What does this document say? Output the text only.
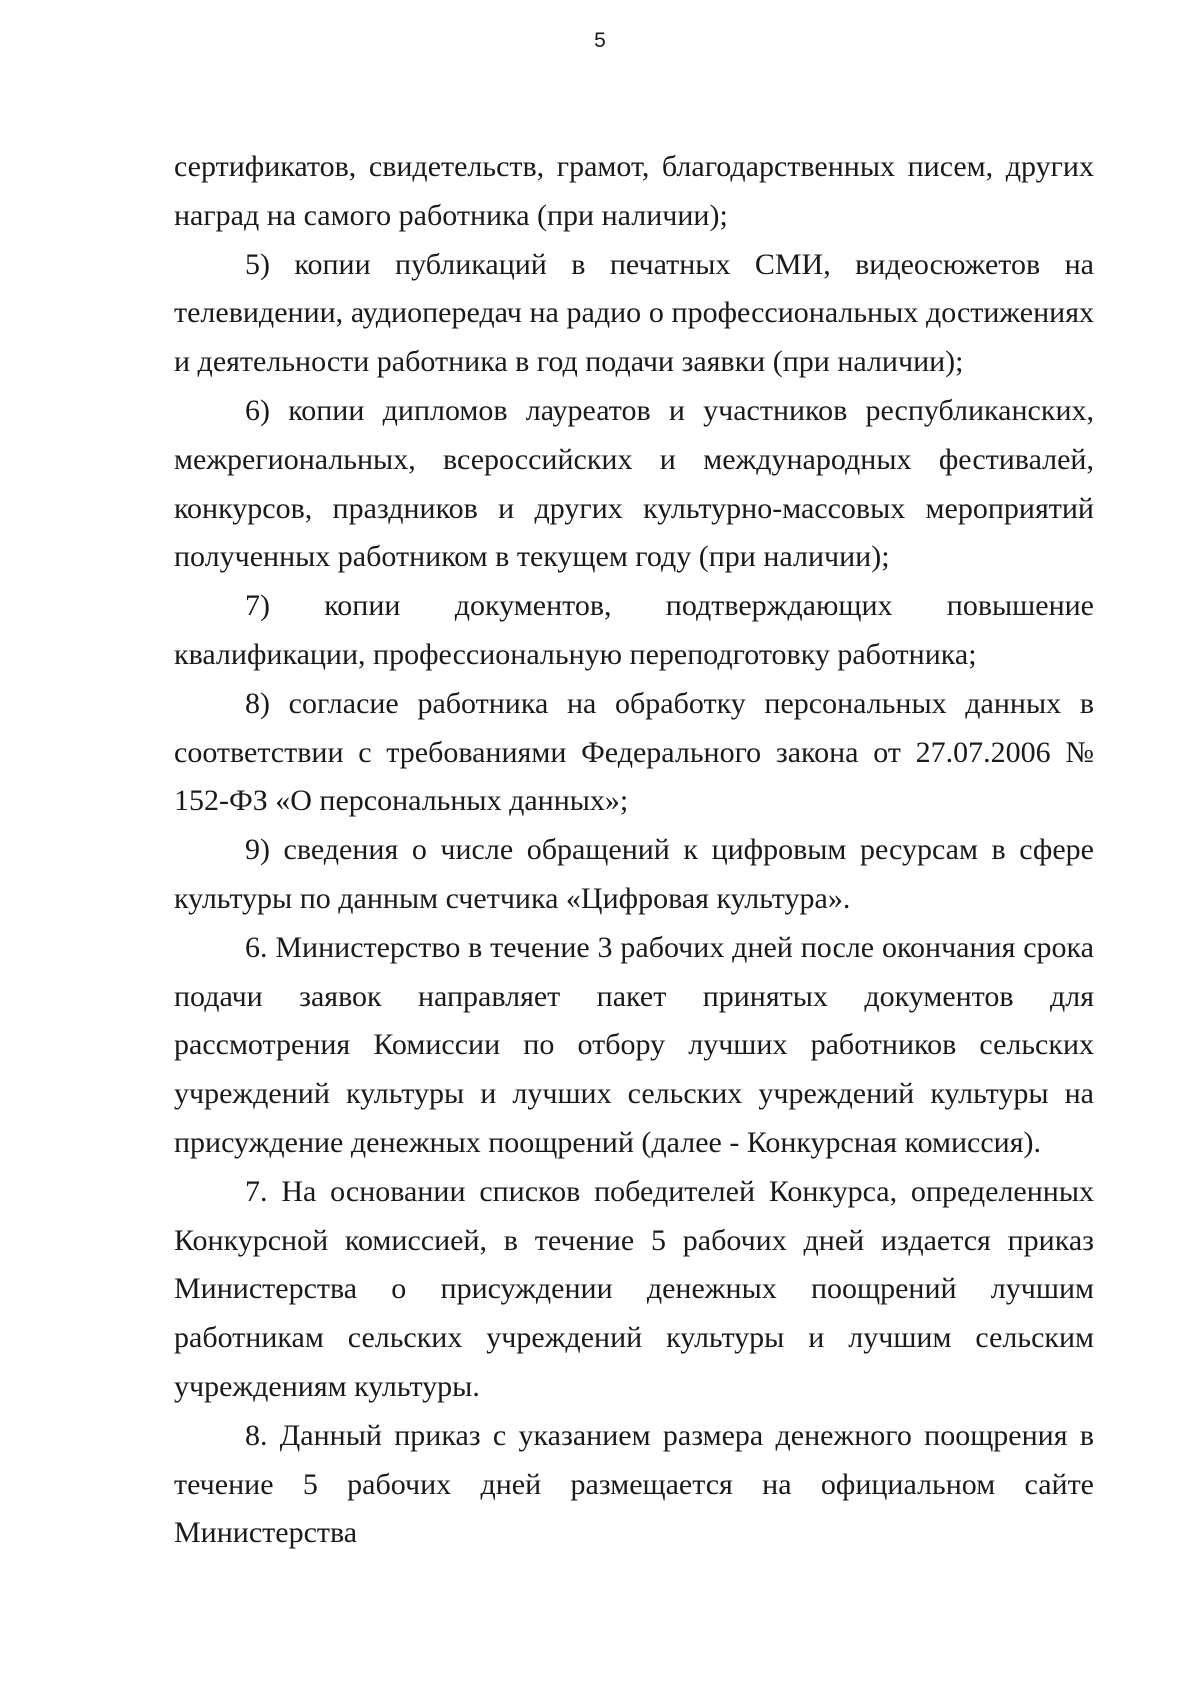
5

сертификатов, свидетельств, грамот, благодарственных писем, других наград на самого работника (при наличии);

5) копии публикаций в печатных СМИ, видеосюжетов на телевидении, аудиопередач на радио о профессиональных достижениях и деятельности работника в год подачи заявки (при наличии);

6) копии дипломов лауреатов и участников республиканских, межрегиональных, всероссийских и международных фестивалей, конкурсов, праздников и других культурно-массовых мероприятий полученных работником в текущем году (при наличии);

7) копии документов, подтверждающих повышение квалификации, профессиональную переподготовку работника;

8) согласие работника на обработку персональных данных в соответствии с требованиями Федерального закона от 27.07.2006 № 152-ФЗ «О персональных данных»;

9) сведения о числе обращений к цифровым ресурсам в сфере культуры по данным счетчика «Цифровая культура».

6. Министерство в течение 3 рабочих дней после окончания срока подачи заявок направляет пакет принятых документов для рассмотрения Комиссии по отбору лучших работников сельских учреждений культуры и лучших сельских учреждений культуры на присуждение денежных поощрений (далее - Конкурсная комиссия).

7. На основании списков победителей Конкурса, определенных Конкурсной комиссией, в течение 5 рабочих дней издается приказ Министерства о присуждении денежных поощрений лучшим работникам сельских учреждений культуры и лучшим сельским учреждениям культуры.

8. Данный приказ с указанием размера денежного поощрения в течение 5 рабочих дней размещается на официальном сайте Министерства
